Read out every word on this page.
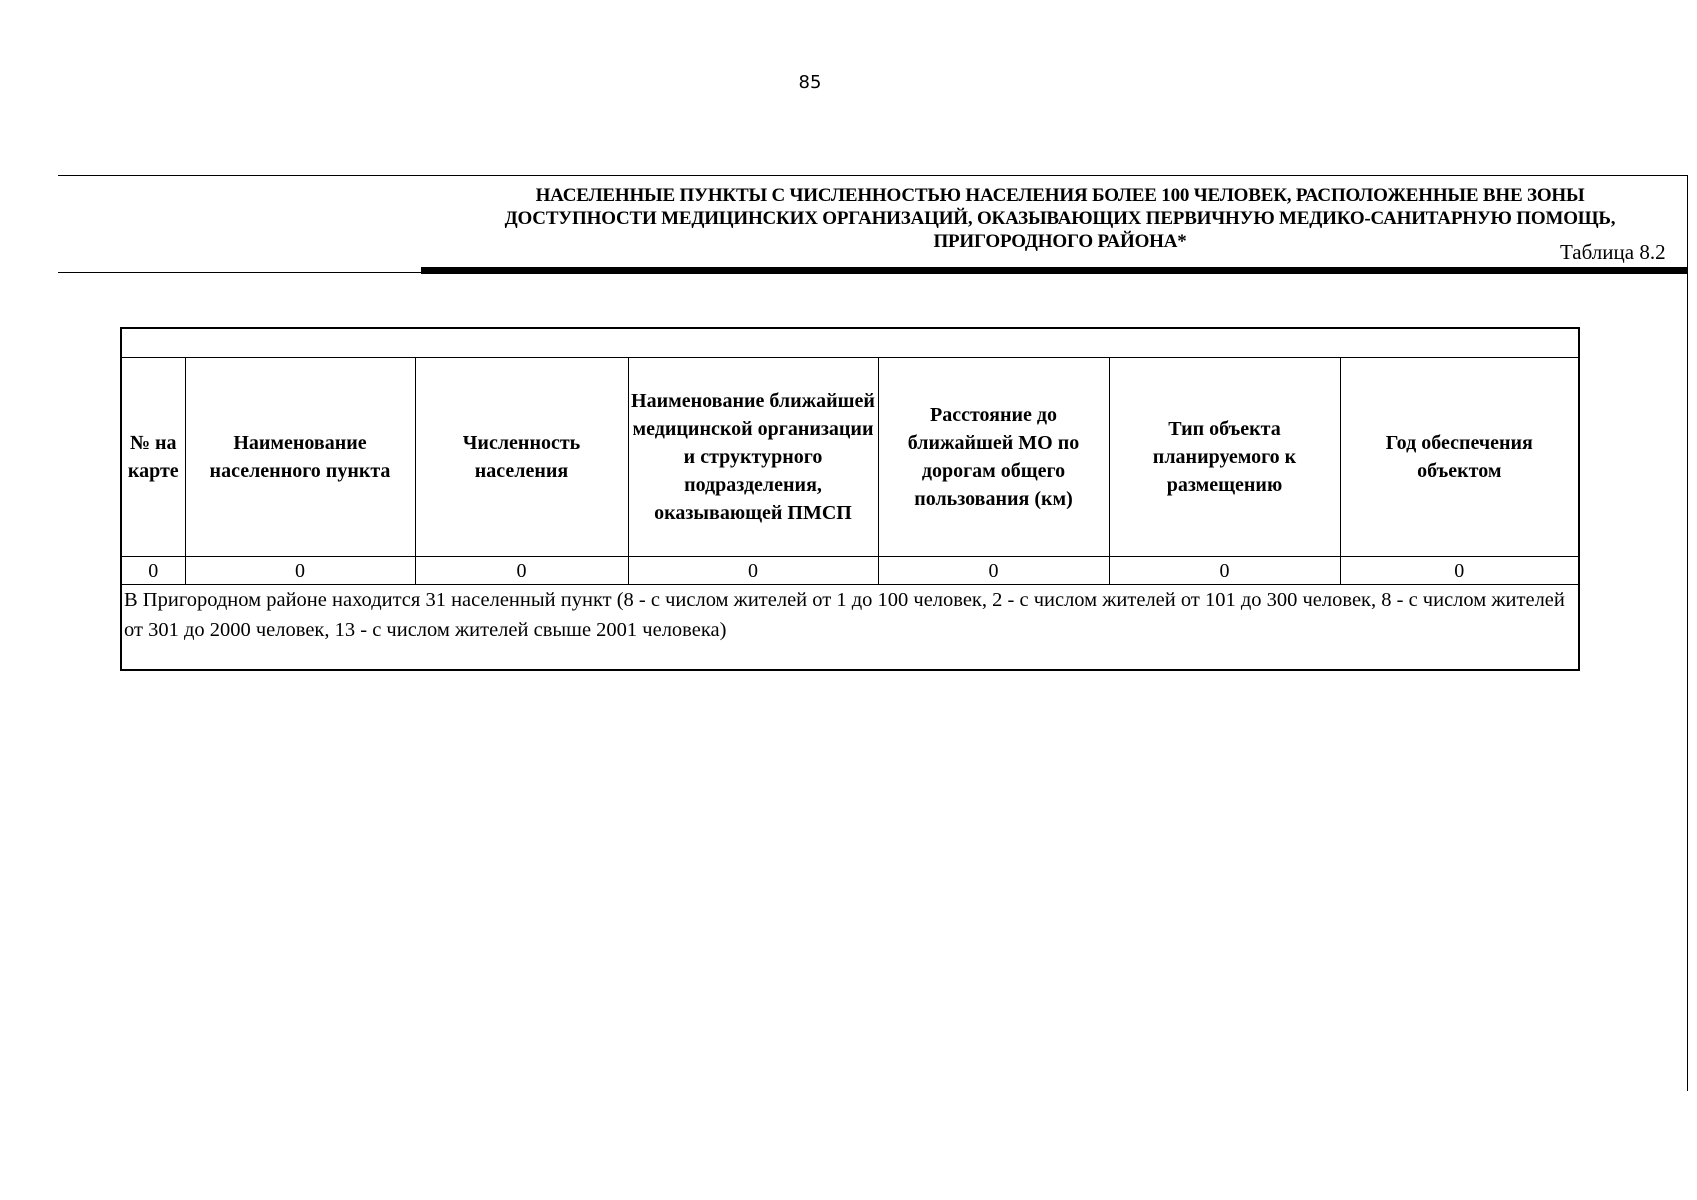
85
НАСЕЛЕННЫЕ ПУНКТЫ С ЧИСЛЕННОСТЬЮ НАСЕЛЕНИЯ БОЛЕЕ 100 ЧЕЛОВЕК, РАСПОЛОЖЕННЫЕ ВНЕ ЗОНЫ ДОСТУПНОСТИ МЕДИЦИНСКИХ ОРГАНИЗАЦИЙ, ОКАЗЫВАЮЩИХ ПЕРВИЧНУЮ МЕДИКО-САНИТАРНУЮ ПОМОЩЬ, ПРИГОРОДНОГО РАЙОНА*	Таблица 8.2

№ на карте	Наименование населенного пункта	Численность населения	Наименование ближайшей медицинской организации и структурного подразделения, оказывающей ПМСП	Расстояние до ближайшей МО по дорогам общего пользования (км)	Тип объекта планируемого к размещению	Год обеспечения объектом
0	0	0	0	0	0	0
В Пригородном районе находится 31 населенный пункт (8 - с числом жителей от 1 до 100 человек, 2 - с числом жителей от 101 до 300 человек, 8 - с числом жителей от 301 до 2000 человек, 13 - с числом жителей свыше 2001 человека)						
